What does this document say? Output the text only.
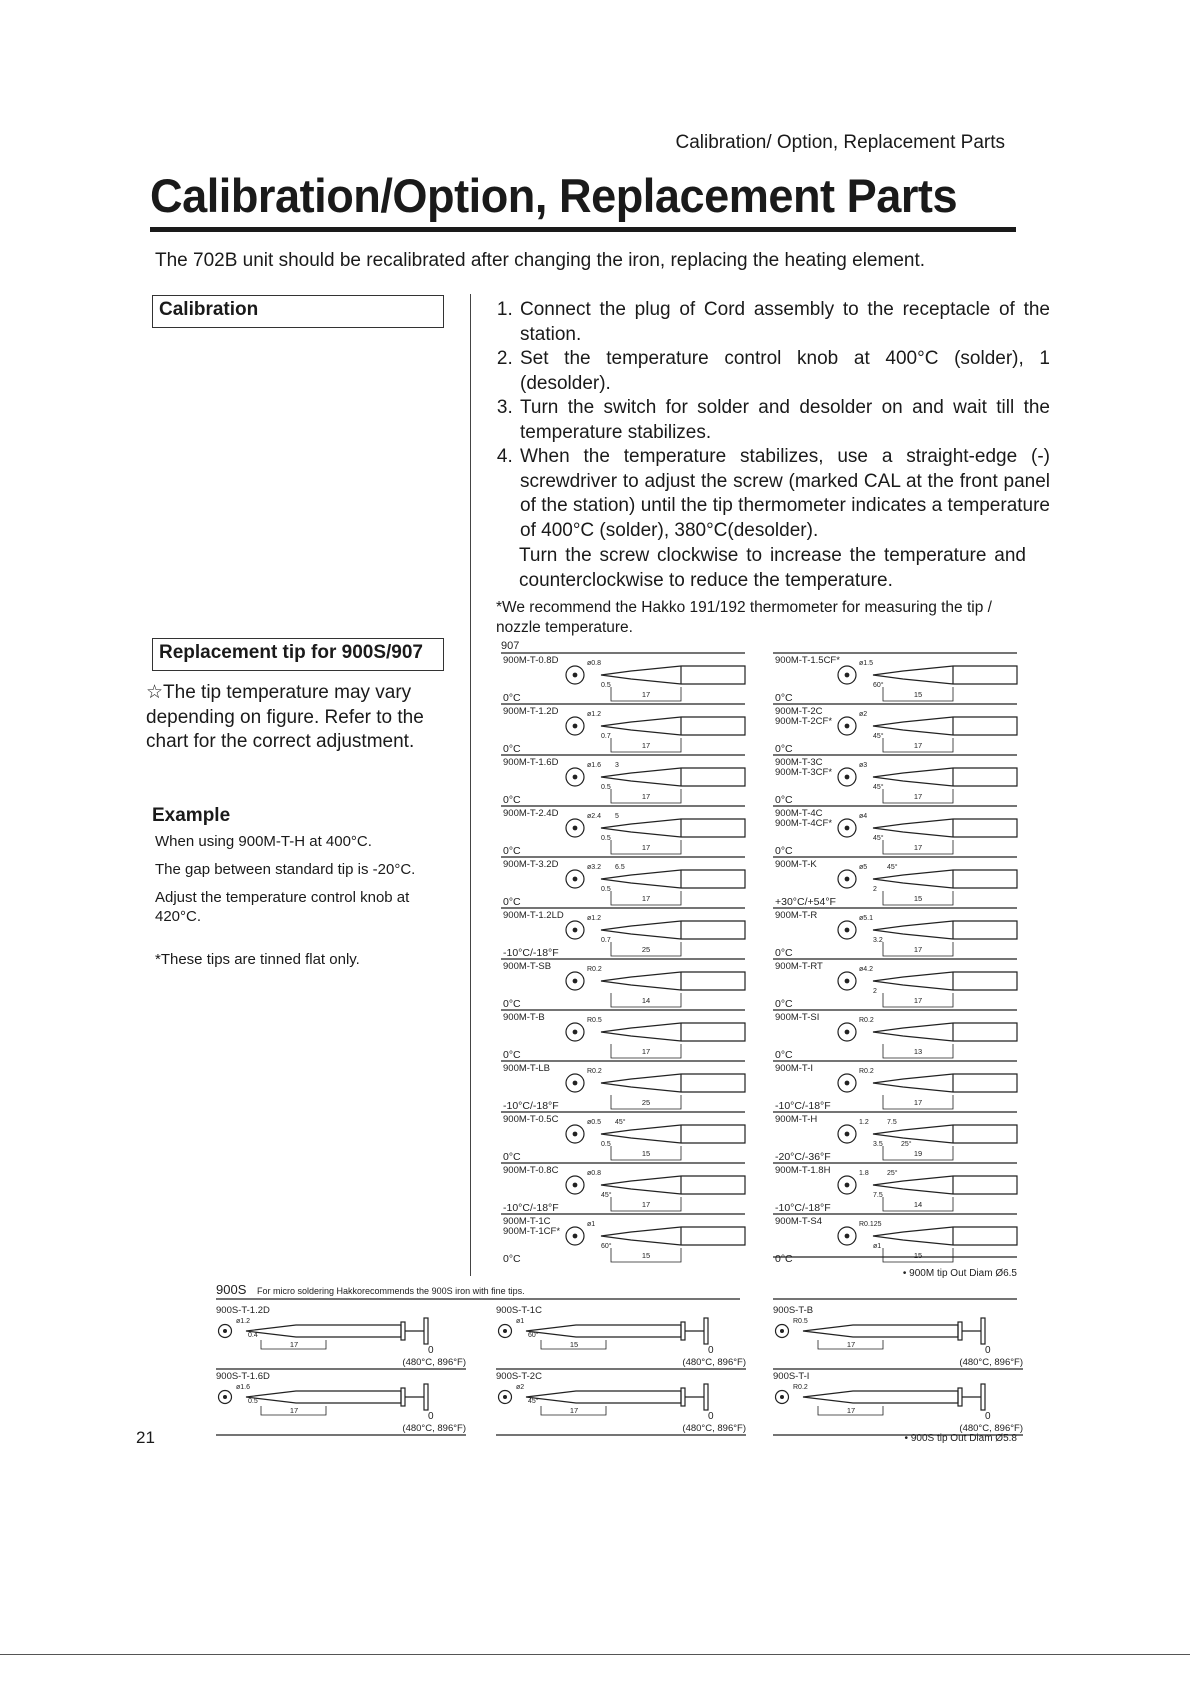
Calibration/ Option, Replacement Parts
Calibration/Option, Replacement Parts
The 702B unit should be recalibrated after changing the iron, replacing the heating element.
Calibration	1. Connect the plug of Cord assembly to the receptacle of the station.
2. Set the temperature control knob at 400°C (solder), 1 (desolder).
3. Turn the switch for solder and desolder on and wait till the temperature stabilizes.
4. When the temperature stabilizes, use a straight-edge (-) screwdriver to adjust the screw (marked CAL at the front panel of the station) until the tip thermometer indicates a temperature of 400°C (solder), 380°C(desolder).
Turn the screw clockwise to increase the temperature and counterclockwise to reduce the temperature.
*We recommend the Hakko 191/192 thermometer for measuring the tip / nozzle temperature.
Replacement tip for 900S/907
☆The tip temperature may vary depending on figure. Refer to the chart for the correct adjustment.
Example
When using 900M-T-H at 400°C.
The gap between standard tip is -20°C.
Adjust the temperature control knob at 420°C.
*These tips are tinned flat only.
907
900M-T-0.8D
0°C	17
ø0.8
0.5
900M-T-1.2D
0°C	17
ø1.2
0.7
900M-T-1.6D
0°C	17
ø1.6
0.5
3
900M-T-2.4D
0°C	17
ø2.4
0.5
5
900M-T-3.2D
0°C	17
ø3.2
0.5
6.5
900M-T-1.2LD
-10°C/-18°F	25
ø1.2
0.7
900M-T-SB
0°C	14
R0.2
900M-T-B
0°C	17
R0.5
900M-T-LB
-10°C/-18°F	25
R0.2
900M-T-0.5C
0°C	15
ø0.5
0.5
45°
900M-T-0.8C
-10°C/-18°F	17
ø0.8
45°
900M-T-1C
900M-T-1CF*
0°C	15
ø1
60°
900M-T-1.5CF*
0°C	15
ø1.5
60°
900M-T-2C
900M-T-2CF*
0°C	17
ø2
45°
900M-T-3C
900M-T-3CF*
0°C	17
ø3
45°
900M-T-4C
900M-T-4CF*
0°C	17
ø4
45°
900M-T-K
+30°C/+54°F	15
ø5
2
45°
900M-T-R
0°C	17
ø5.1
3.2
900M-T-RT
0°C	17
ø4.2
2
900M-T-SI
0°C	13
R0.2
900M-T-I
-10°C/-18°F	17
R0.2
900M-T-H
-20°C/-36°F	19
1.2
3.5
7.5
25°
900M-T-1.8H
-10°C/-18°F	14
1.8
7.5
25°
900M-T-S4
0°C	15
R0.125
ø1
• 900M tip Out Diam Ø6.5
900S For micro soldering Hakkorecommends the 900S iron with fine tips.
900S-T-1.2D
17
ø1.2
0.4
0
(480°C, 896°F)
900S-T-1C
15
ø1
60°
0
(480°C, 896°F)
900S-T-B
17
R0.5
0
(480°C, 896°F)
900S-T-1.6D
17
ø1.6
0.5
0
(480°C, 896°F)
900S-T-2C
17
ø2
45°
0
(480°C, 896°F)
900S-T-I
17
R0.2
0
(480°C, 896°F)
• 900S tip Out Diam Ø5.8
21
